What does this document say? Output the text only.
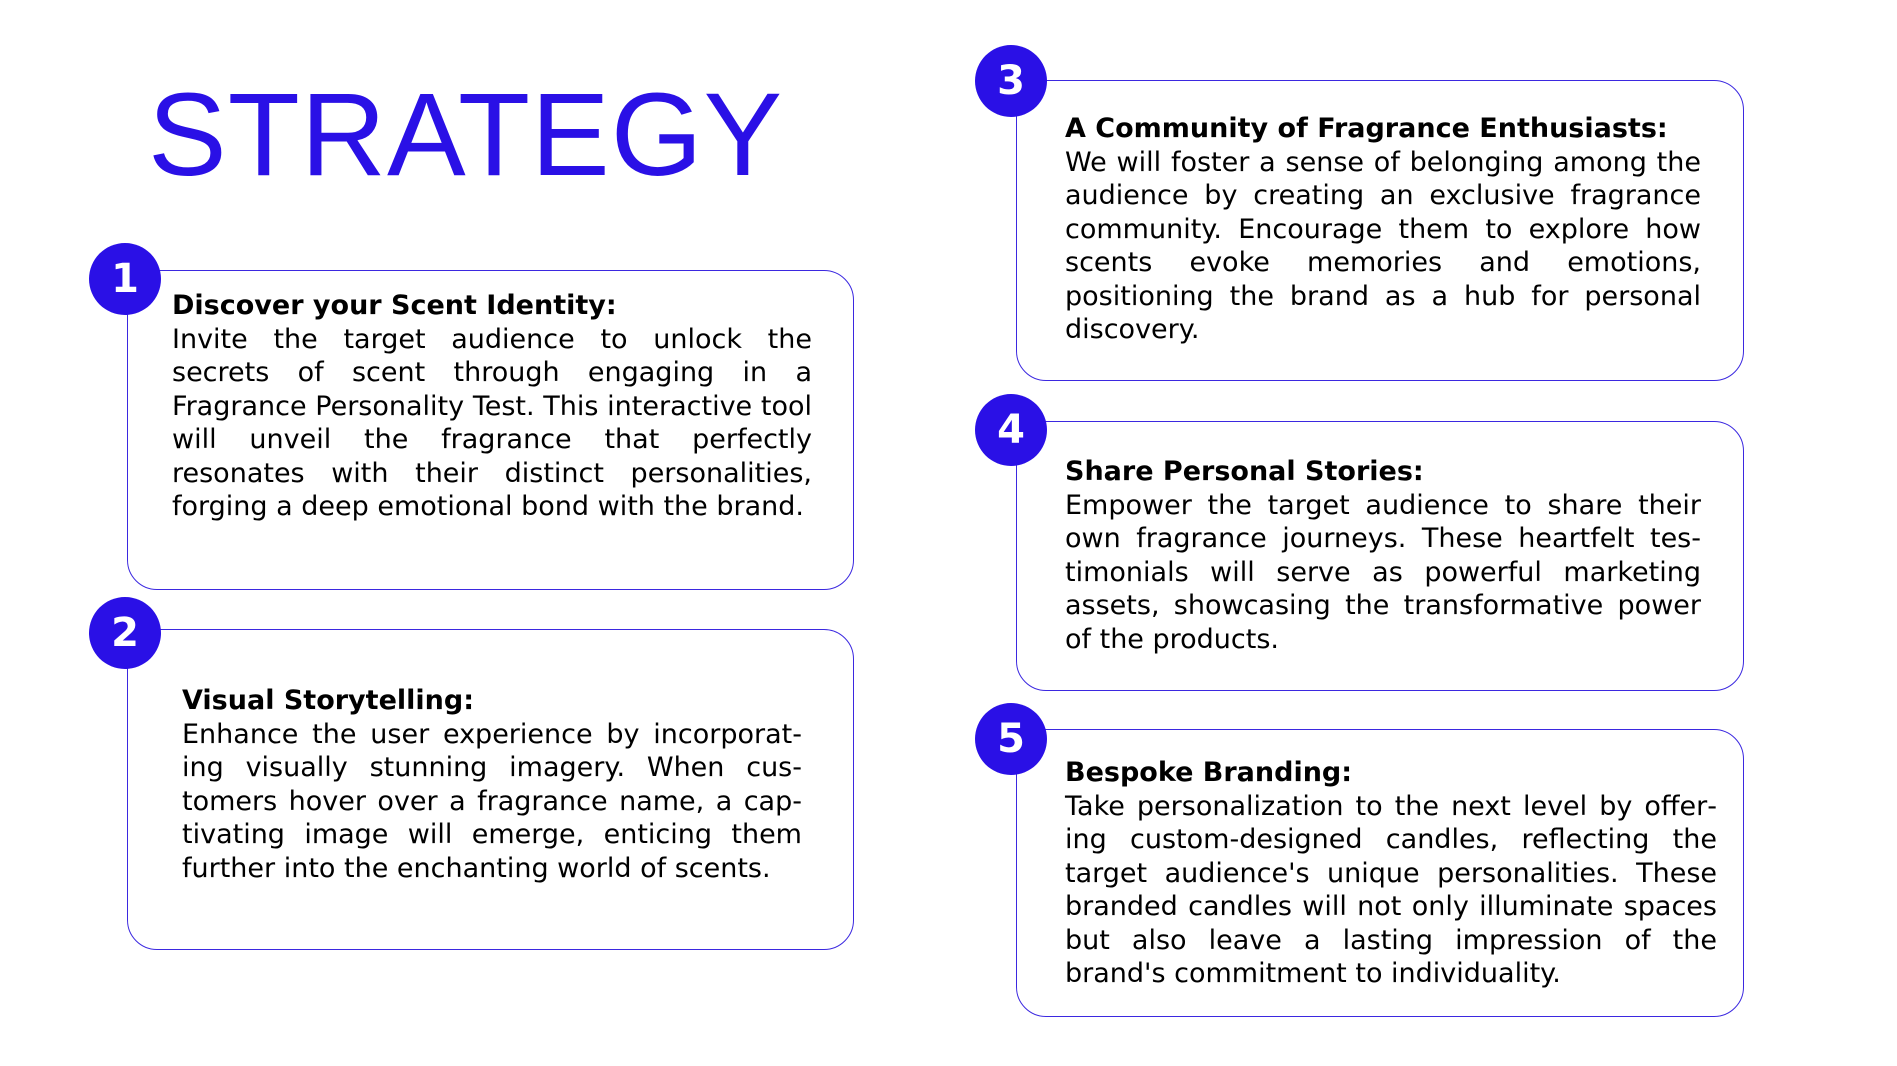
STRATEGY
Discover your Scent Identity:
Invite the target audience to unlock the secrets of scent through engaging in a Fragrance Personality Test. This interactive tool will unveil the fragrance that perfectly resonates with their distinct personalities, forging a deep emotional bond with the brand.
1
Visual Storytelling:
Enhance the user experience by incorporating visually stunning imagery. When customers hover over a fragrance name, a captivating image will emerge, enticing them further into the enchanting world of scents.
2
A Community of Fragrance Enthusiasts:
We will foster a sense of belonging among the audience by creating an exclusive fragrance community. Encourage them to explore how scents evoke memories and emotions, positioning the brand as a hub for personal discovery.
3
Share Personal Stories:
Empower the target audience to share their own fragrance journeys. These heartfelt testimonials will serve as powerful marketing assets, showcasing the transformative power of the products.
4
Bespoke Branding:
Take personalization to the next level by offering custom-designed candles, reflecting the target audience's unique personalities. These branded candles will not only illuminate spaces but also leave a lasting impression of the brand's commitment to individuality.
5
